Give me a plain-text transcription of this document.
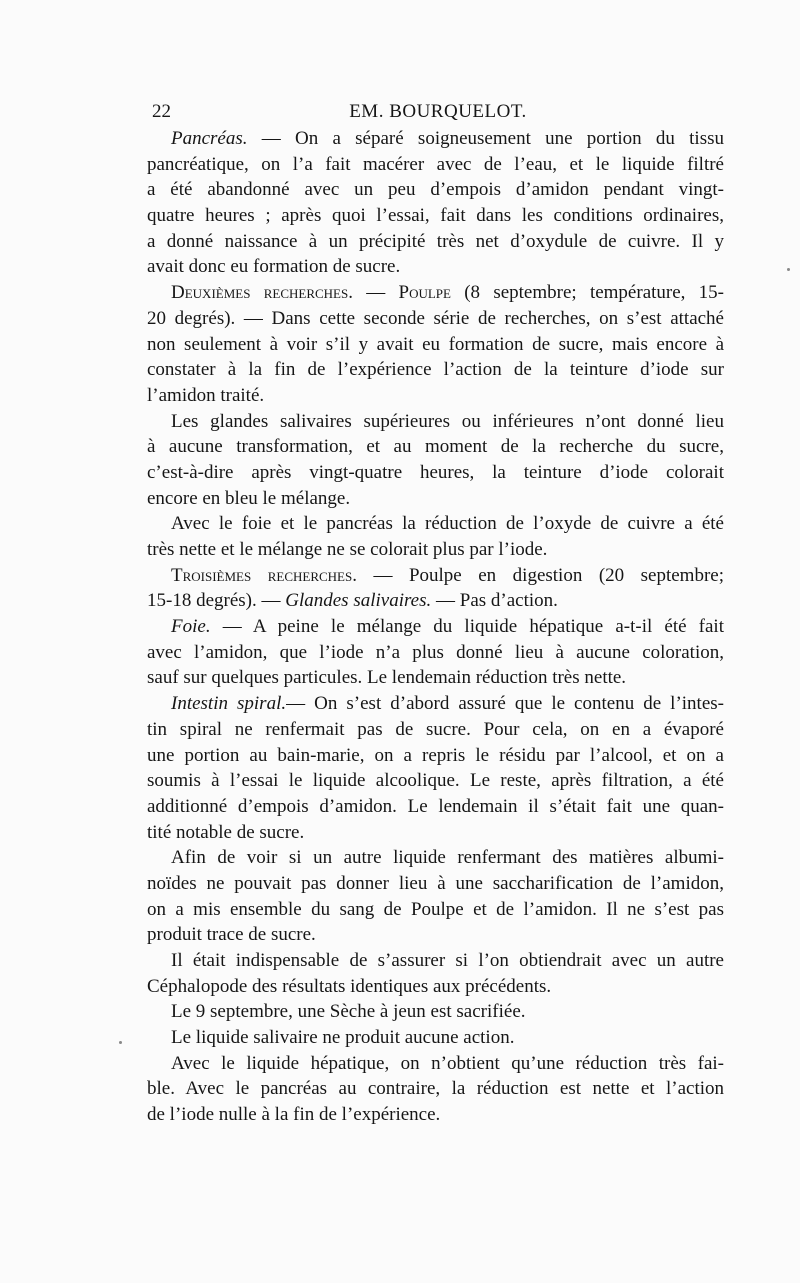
22	EM. BOURQUELOT.
Pancréas. — On a séparé soigneusement une portion du tissu
pancréatique, on l’a fait macérer avec de l’eau, et le liquide filtré
a été abandonné avec un peu d’empois d’amidon pendant vingt-
quatre heures ; après quoi l’essai, fait dans les conditions ordinaires,
a donné naissance à un précipité très net d’oxydule de cuivre. Il y
avait donc eu formation de sucre.
Deuxièmes recherches. — Poulpe (8 septembre; température, 15-
20 degrés). — Dans cette seconde série de recherches, on s’est attaché
non seulement à voir s’il y avait eu formation de sucre, mais encore à
constater à la fin de l’expérience l’action de la teinture d’iode sur
l’amidon traité.
Les glandes salivaires supérieures ou inférieures n’ont donné lieu
à aucune transformation, et au moment de la recherche du sucre,
c’est-à-dire après vingt-quatre heures, la teinture d’iode colorait
encore en bleu le mélange.
Avec le foie et le pancréas la réduction de l’oxyde de cuivre a été
très nette et le mélange ne se colorait plus par l’iode.
Troisièmes recherches. — Poulpe en digestion (20 septembre;
15-18 degrés). — Glandes salivaires. — Pas d’action.
Foie. — A peine le mélange du liquide hépatique a-t-il été fait
avec l’amidon, que l’iode n’a plus donné lieu à aucune coloration,
sauf sur quelques particules. Le lendemain réduction très nette.
Intestin spiral.— On s’est d’abord assuré que le contenu de l’intes-
tin spiral ne renfermait pas de sucre. Pour cela, on en a évaporé
une portion au bain-marie, on a repris le résidu par l’alcool, et on a
soumis à l’essai le liquide alcoolique. Le reste, après filtration, a été
additionné d’empois d’amidon. Le lendemain il s’était fait une quan-
tité notable de sucre.
Afin de voir si un autre liquide renfermant des matières albumi-
noïdes ne pouvait pas donner lieu à une saccharification de l’amidon,
on a mis ensemble du sang de Poulpe et de l’amidon. Il ne s’est pas
produit trace de sucre.
Il était indispensable de s’assurer si l’on obtiendrait avec un autre
Céphalopode des résultats identiques aux précédents.
Le 9 septembre, une Sèche à jeun est sacrifiée.
Le liquide salivaire ne produit aucune action.
Avec le liquide hépatique, on n’obtient qu’une réduction très fai-
ble. Avec le pancréas au contraire, la réduction est nette et l’action
de l’iode nulle à la fin de l’expérience.
